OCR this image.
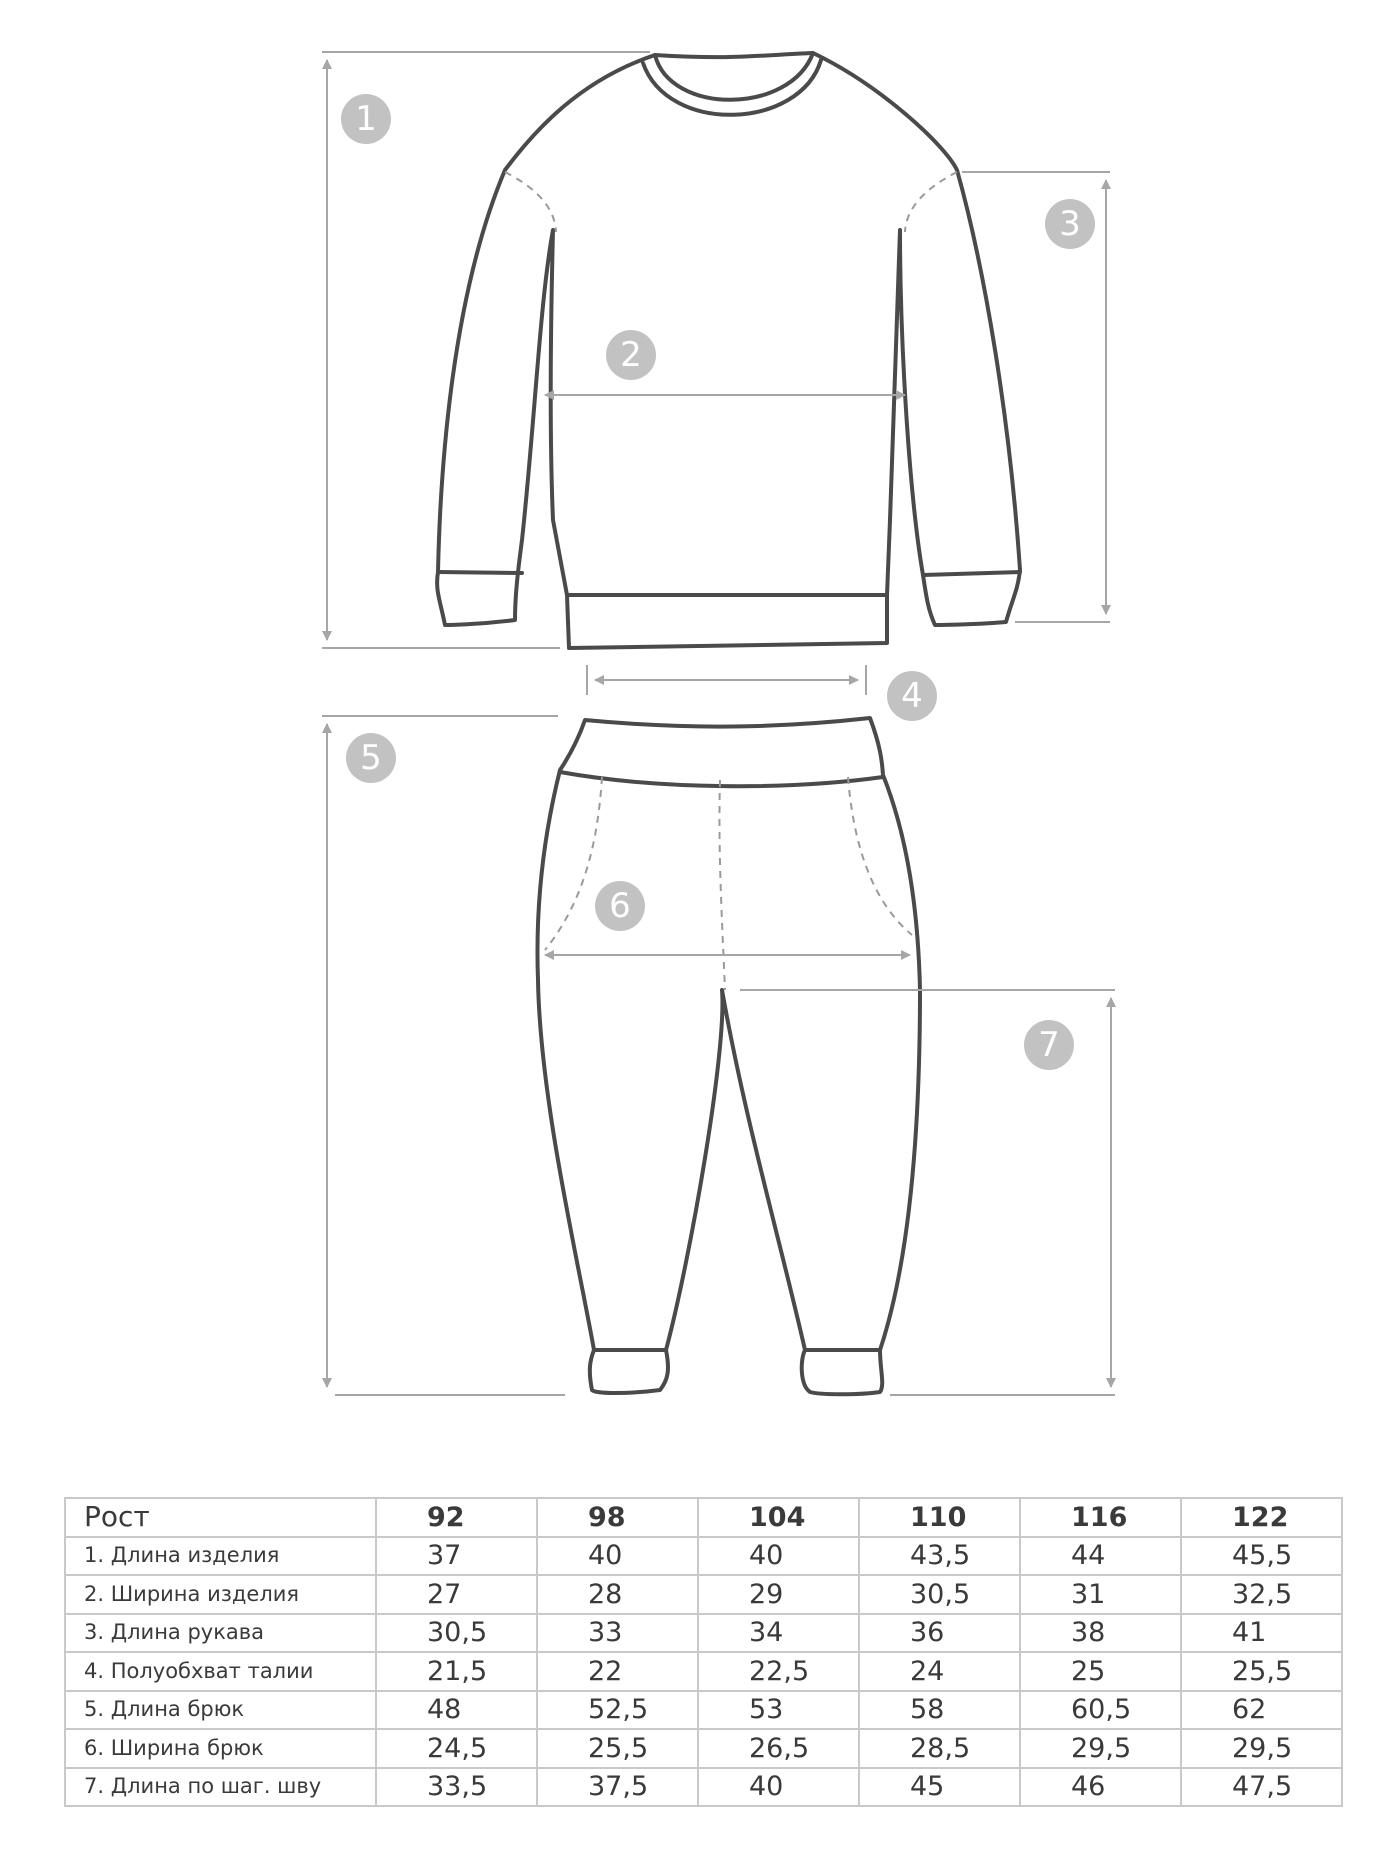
1
2
3
4
5
6
7
Рост	92	98	104	110	116	122
1. Длина изделия	37	40	40	43,5	44	45,5
2. Ширина изделия	27	28	29	30,5	31	32,5
3. Длина рукава	30,5	33	34	36	38	41
4. Полуобхват талии	21,5	22	22,5	24	25	25,5
5. Длина брюк	48	52,5	53	58	60,5	62
6. Ширина брюк	24,5	25,5	26,5	28,5	29,5	29,5
7. Длина по шаг. шву	33,5	37,5	40	45	46	47,5
